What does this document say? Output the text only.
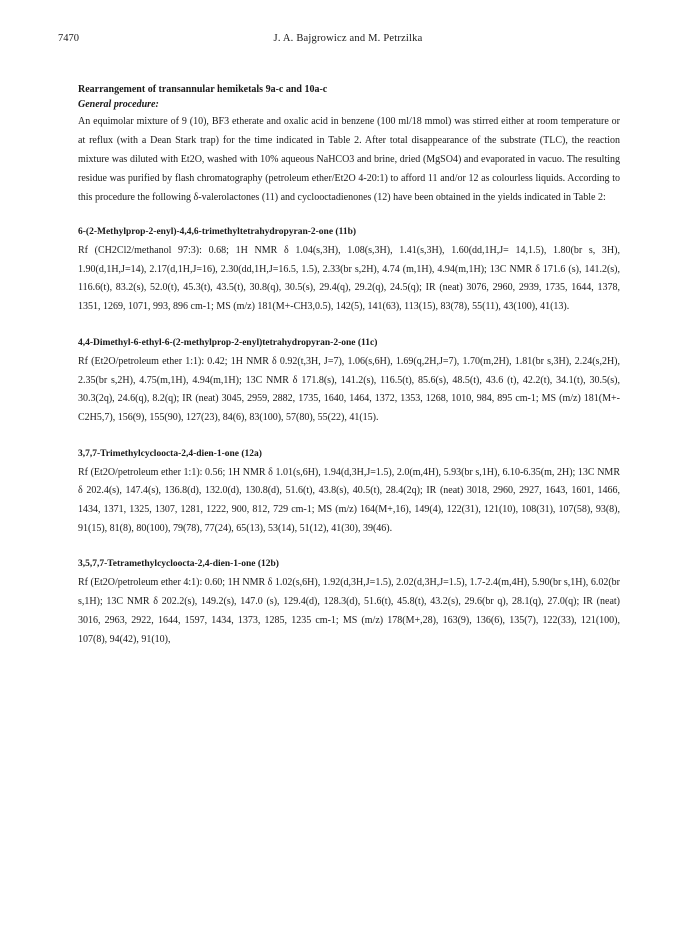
7470	J. A. Bajgrowicz and M. Petrzilka

Rearrangement of transannular hemiketals 9a-c and 10a-c

General procedure:

An equimolar mixture of 9 (10), BF3 etherate and oxalic acid in benzene (100 ml/18 mmol) was stirred either at room temperature or at reflux (with a Dean Stark trap) for the time indicated in Table 2. After total disappearance of the substrate (TLC), the reaction mixture was diluted with Et2O, washed with 10% aqueous NaHCO3 and brine, dried (MgSO4) and evaporated in vacuo. The resulting residue was purified by flash chromatography (petroleum ether/Et2O 4-20:1) to afford 11 and/or 12 as colourless liquids. According to this procedure the following δ-valerolactones (11) and cyclooctadienones (12) have been obtained in the yields indicated in Table 2:

6-(2-Methylprop-2-enyl)-4,4,6-trimethyltetrahydropyran-2-one (11b)

Rf (CH2Cl2/methanol 97:3): 0.68; 1H NMR δ 1.04(s,3H), 1.08(s,3H), 1.41(s,3H), 1.60(dd,1H,J= 14,1.5), 1.80(br s, 3H), 1.90(d,1H,J=14), 2.17(d,1H,J=16), 2.30(dd,1H,J=16.5, 1.5), 2.33(br s,2H), 4.74 (m,1H), 4.94(m,1H); 13C NMR δ 171.6 (s), 141.2(s), 116.6(t), 83.2(s), 52.0(t), 45.3(t), 43.5(t), 30.8(q), 30.5(s), 29.4(q), 29.2(q), 24.5(q); IR (neat) 3076, 2960, 2939, 1735, 1644, 1378, 1351, 1269, 1071, 993, 896 cm-1; MS (m/z) 181(M+-CH3,0.5), 142(5), 141(63), 113(15), 83(78), 55(11), 43(100), 41(13).

4,4-Dimethyl-6-ethyl-6-(2-methylprop-2-enyl)tetrahydropyran-2-one (11c)

Rf (Et2O/petroleum ether 1:1): 0.42; 1H NMR δ 0.92(t,3H, J=7), 1.06(s,6H), 1.69(q,2H,J=7), 1.70(m,2H), 1.81(br s,3H), 2.24(s,2H), 2.35(br s,2H), 4.75(m,1H), 4.94(m,1H); 13C NMR δ 171.8(s), 141.2(s), 116.5(t), 85.6(s), 48.5(t), 43.6 (t), 42.2(t), 34.1(t), 30.5(s), 30.3(2q), 24.6(q), 8.2(q); IR (neat) 3045, 2959, 2882, 1735, 1640, 1464, 1372, 1353, 1268, 1010, 984, 895 cm-1; MS (m/z) 181(M+-C2H5,7), 156(9), 155(90), 127(23), 84(6), 83(100), 57(80), 55(22), 41(15).

3,7,7-Trimethylcycloocta-2,4-dien-1-one (12a)

Rf (Et2O/petroleum ether 1:1): 0.56; 1H NMR δ 1.01(s,6H), 1.94(d,3H,J=1.5), 2.0(m,4H), 5.93(br s,1H), 6.10-6.35(m, 2H); 13C NMR δ 202.4(s), 147.4(s), 136.8(d), 132.0(d), 130.8(d), 51.6(t), 43.8(s), 40.5(t), 28.4(2q); IR (neat) 3018, 2960, 2927, 1643, 1601, 1466, 1434, 1371, 1325, 1307, 1281, 1222, 900, 812, 729 cm-1; MS (m/z) 164(M+,16), 149(4), 122(31), 121(10), 108(31), 107(58), 93(8), 91(15), 81(8), 80(100), 79(78), 77(24), 65(13), 53(14), 51(12), 41(30), 39(46).

3,5,7,7-Tetramethylcycloocta-2,4-dien-1-one (12b)

Rf (Et2O/petroleum ether 4:1): 0.60; 1H NMR δ 1.02(s,6H), 1.92(d,3H,J=1.5), 2.02(d,3H,J=1.5), 1.7-2.4(m,4H), 5.90(br s,1H), 6.02(br s,1H); 13C NMR δ 202.2(s), 149.2(s), 147.0 (s), 129.4(d), 128.3(d), 51.6(t), 45.8(t), 43.2(s), 29.6(br q), 28.1(q), 27.0(q); IR (neat) 3016, 2963, 2922, 1644, 1597, 1434, 1373, 1285, 1235 cm-1; MS (m/z) 178(M+,28), 163(9), 136(6), 135(7), 122(33), 121(100), 107(8), 94(42), 91(10),
